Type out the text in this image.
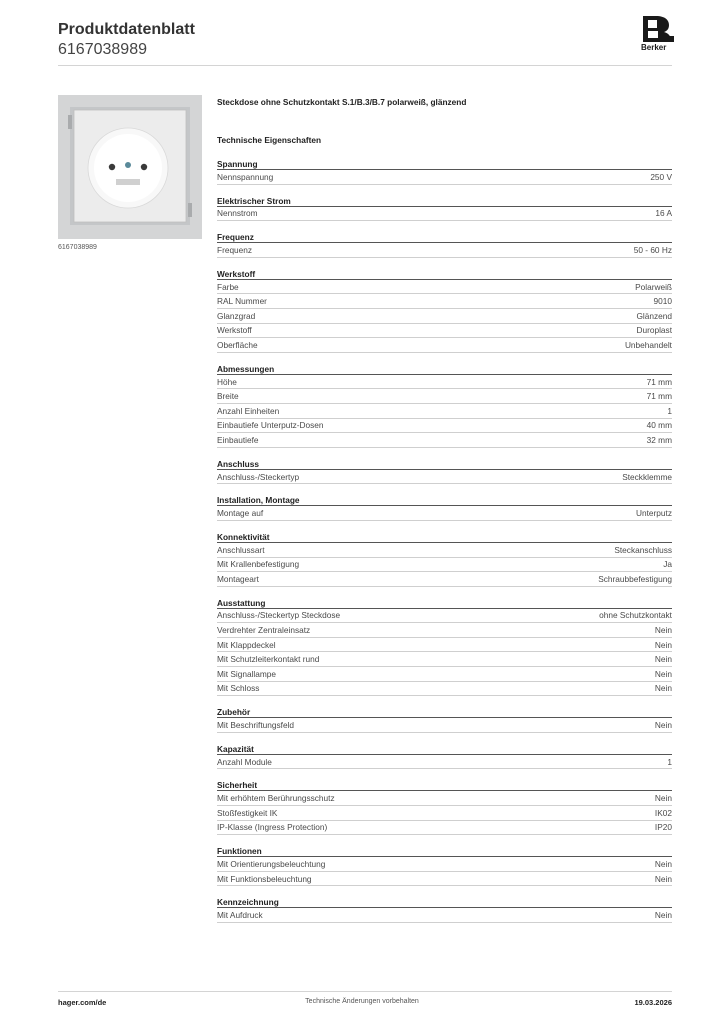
Produktdatenblatt
6167038989	Berker
6167038989
Steckdose ohne Schutzkontakt S.1/B.3/B.7 polarweiß, glänzend
Technische Eigenschaften
Spannung
Nennspannung	250 V
Elektrischer Strom
Nennstrom	16 A
Frequenz
Frequenz	50 - 60 Hz
Werkstoff
Farbe	Polarweiß
RAL Nummer	9010
Glanzgrad	Glänzend
Werkstoff	Duroplast
Oberfläche	Unbehandelt
Abmessungen
Höhe	71 mm
Breite	71 mm
Anzahl Einheiten	1
Einbautiefe Unterputz-Dosen	40 mm
Einbautiefe	32 mm
Anschluss
Anschluss-/Steckertyp	Steckklemme
Installation, Montage
Montage auf	Unterputz
Konnektivität
Anschlussart	Steckanschluss
Mit Krallenbefestigung	Ja
Montageart	Schraubbefestigung
Ausstattung
Anschluss-/Steckertyp Steckdose	ohne Schutzkontakt
Verdrehter Zentraleinsatz	Nein
Mit Klappdeckel	Nein
Mit Schutzleiterkontakt rund	Nein
Mit Signallampe	Nein
Mit Schloss	Nein
Zubehör
Mit Beschriftungsfeld	Nein
Kapazität
Anzahl Module	1
Sicherheit
Mit erhöhtem Berührungsschutz	Nein
Stoßfestigkeit IK	IK02
IP-Klasse (Ingress Protection)	IP20
Funktionen
Mit Orientierungsbeleuchtung	Nein
Mit Funktionsbeleuchtung	Nein
Kennzeichnung
Mit Aufdruck	Nein
hager.com/de	Technische Änderungen vorbehalten	19.03.2026
